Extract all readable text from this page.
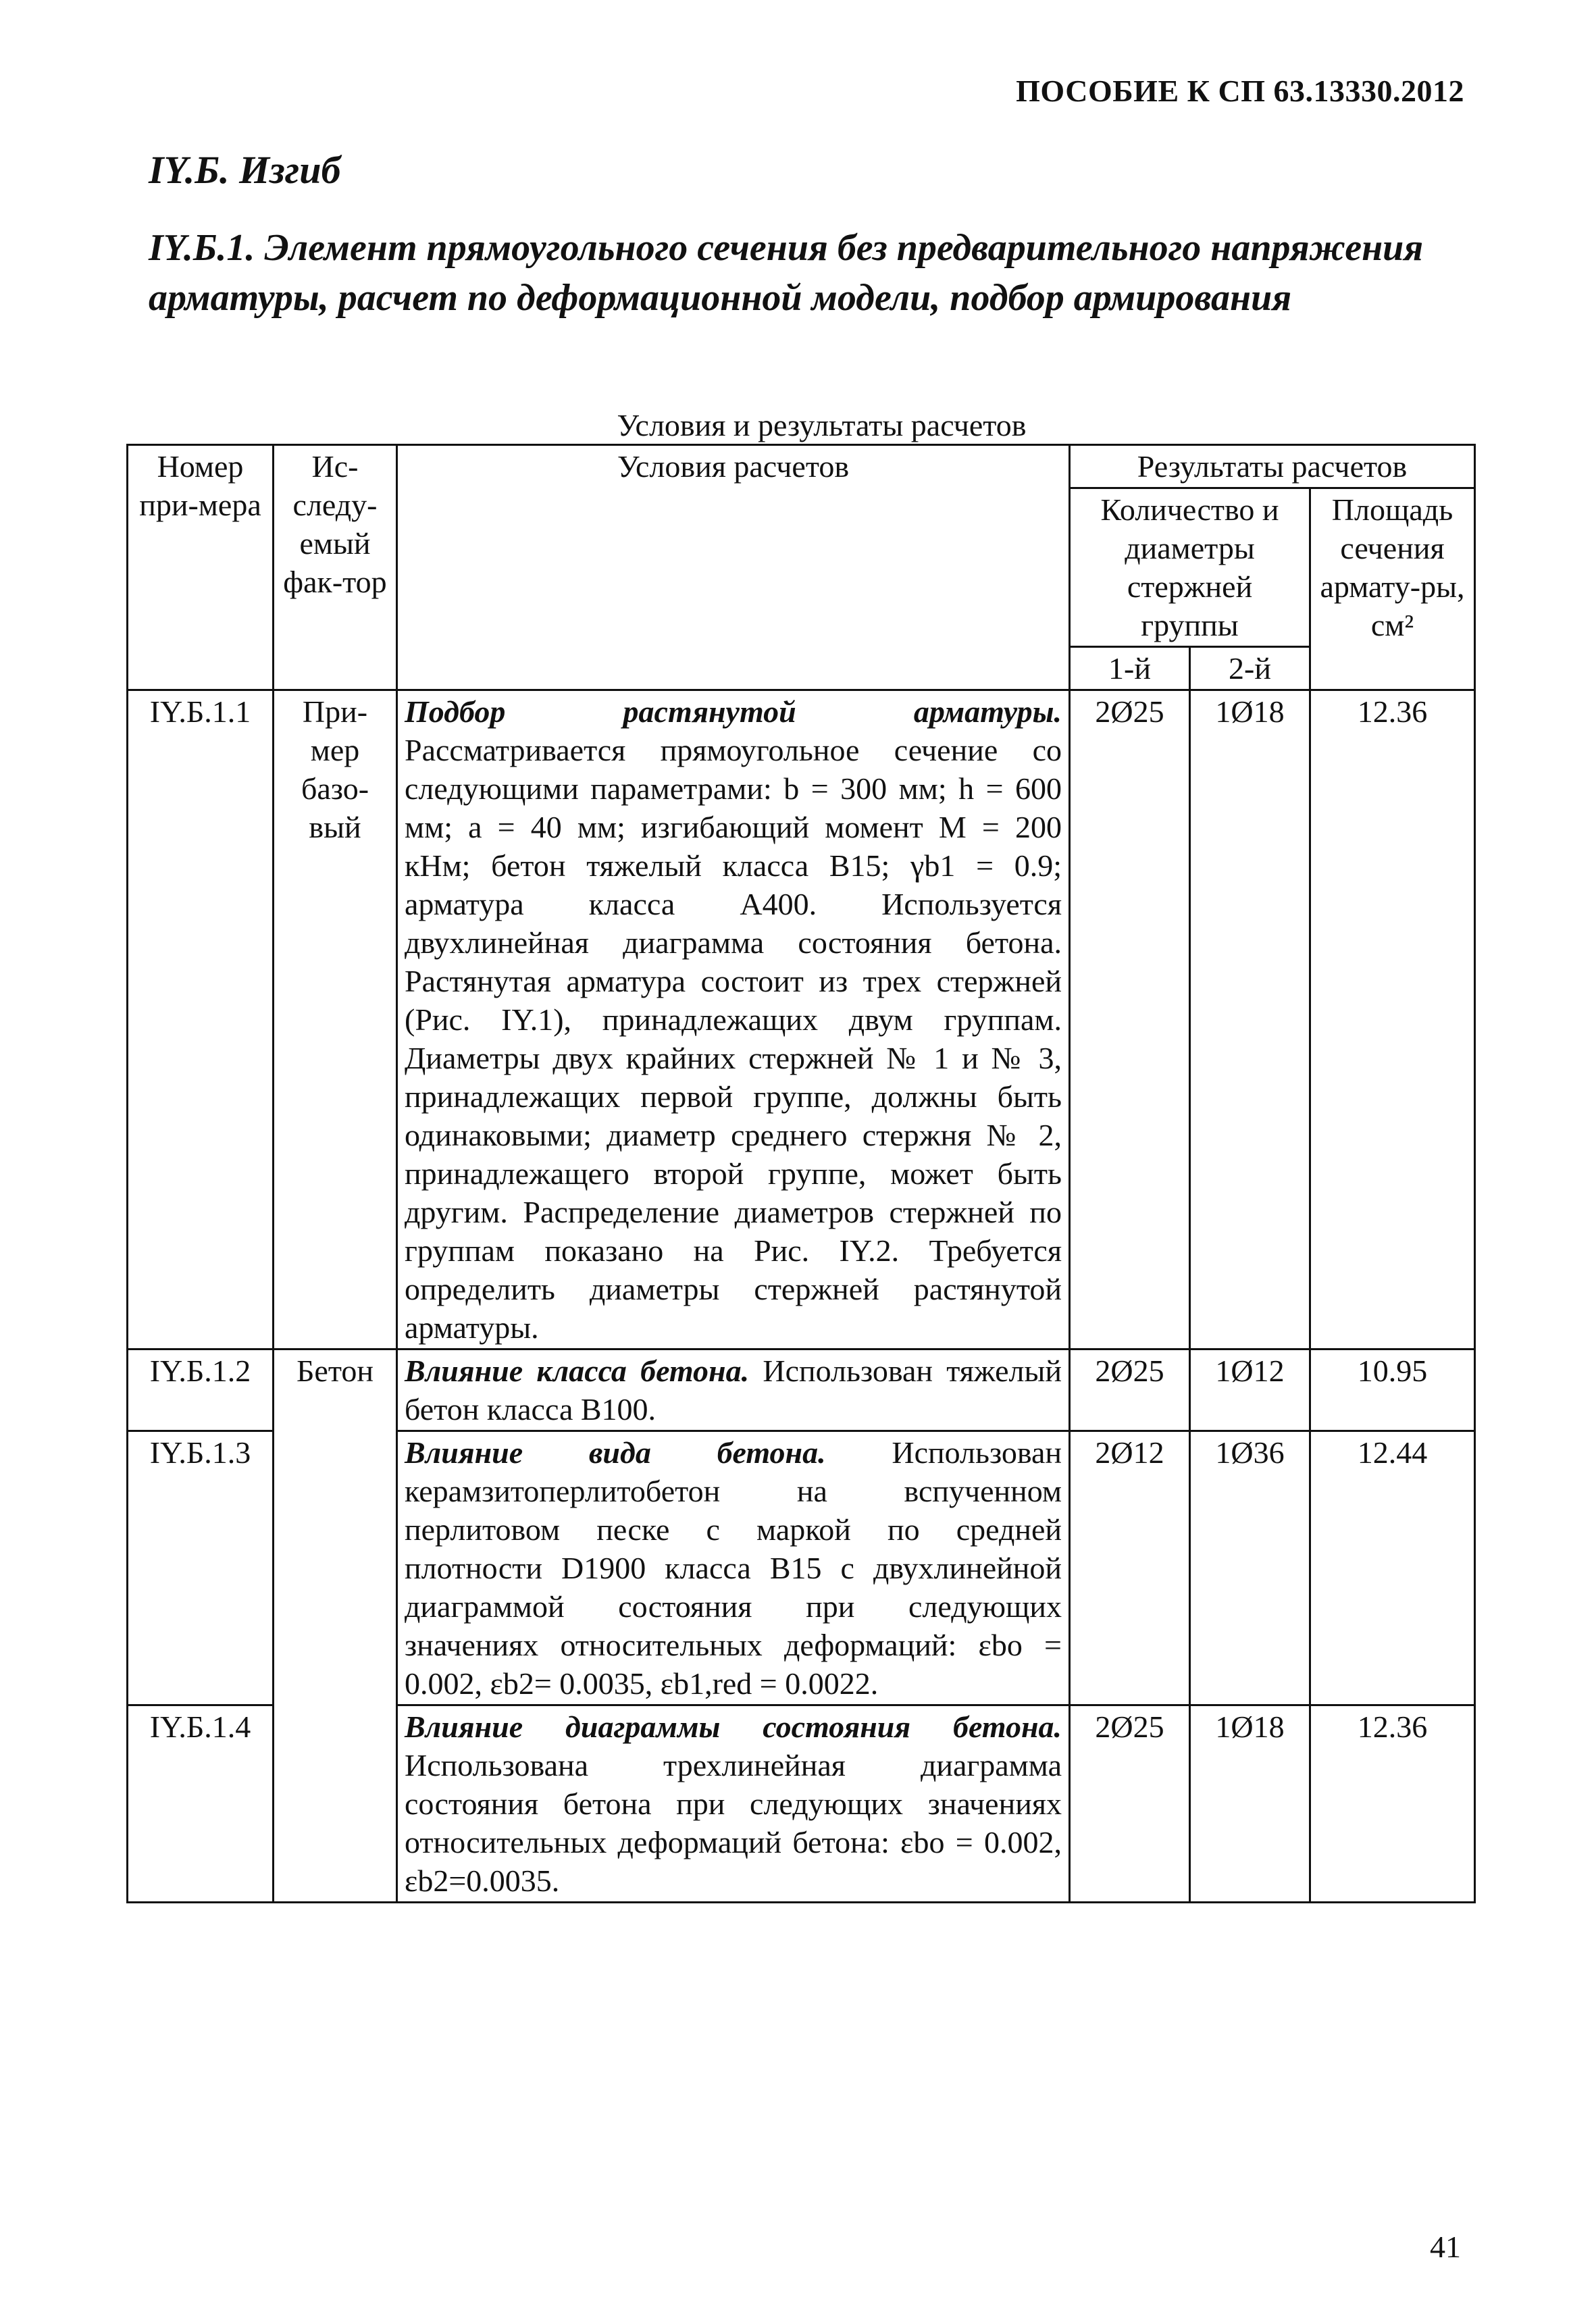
ПОСОБИЕ К СП 63.13330.2012
IY.Б. Изгиб
IY.Б.1. Элемент прямоугольного сечения без предварительного напряжения арматуры, расчет по деформационной модели, подбор армирования
Условия и результаты расчетов
Номер при-мера	Ис-следу-емый фак-тор	Условия расчетов	Результаты расчетов		
			Количество и диаметры стержней группы		Площадь сечения армату-ры, см²
			1-й	2-й	
IY.Б.1.1	При-мер базо-вый	Подбор растянутой арматуры. Рассматривается прямоугольное сечение со следующими параметрами: b = 300 мм; h = 600 мм; a = 40 мм; изгибающий момент M = 200 кНм; бетон тяжелый класса В15; γb1 = 0.9; арматура класса А400. Используется двухлинейная диаграмма состояния бетона. Растянутая арматура состоит из трех стержней (Рис. IY.1), принадлежащих двум группам. Диаметры двух крайних стержней № 1 и № 3, принадлежащих первой группе, должны быть одинаковыми; диаметр среднего стержня № 2, принадлежащего второй группе, может быть другим. Распределение диаметров стержней по группам показано на Рис. IY.2. Требуется определить диаметры стержней растянутой арматуры.	2Ø25	1Ø18	12.36
IY.Б.1.2	Бетон	Влияние класса бетона. Использован тяжелый бетон класса В100.	2Ø25	1Ø12	10.95
IY.Б.1.3		Влияние вида бетона. Использован керамзитоперлитобетон на вспученном перлитовом песке с маркой по средней плотности D1900 класса В15 с двухлинейной диаграммой состояния при следующих значениях относительных деформаций: εbo = 0.002, εb2= 0.0035, εb1,red = 0.0022.	2Ø12	1Ø36	12.44
IY.Б.1.4		Влияние диаграммы состояния бетона. Использована трехлинейная диаграмма состояния бетона при следующих значениях относительных деформаций бетона: εbo = 0.002, εb2=0.0035.	2Ø25	1Ø18	12.36
41
